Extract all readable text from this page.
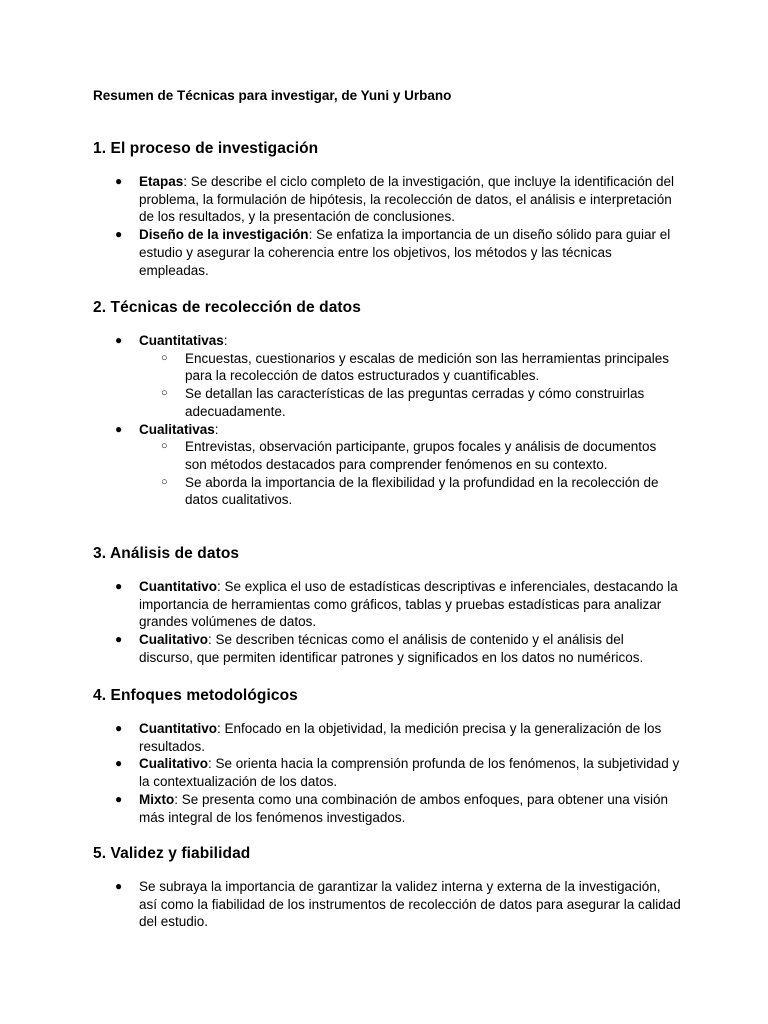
Resumen de Técnicas para investigar, de Yuni y Urbano

1. El proceso de investigación
● Etapas: Se describe el ciclo completo de la investigación, que incluye la identificación del problema, la formulación de hipótesis, la recolección de datos, el análisis e interpretación de los resultados, y la presentación de conclusiones.
● Diseño de la investigación: Se enfatiza la importancia de un diseño sólido para guiar el estudio y asegurar la coherencia entre los objetivos, los métodos y las técnicas empleadas.
2. Técnicas de recolección de datos
● Cuantitativas:
○ Encuestas, cuestionarios y escalas de medición son las herramientas principales para la recolección de datos estructurados y cuantificables.
○ Se detallan las características de las preguntas cerradas y cómo construirlas adecuadamente.
● Cualitativas:
○ Entrevistas, observación participante, grupos focales y análisis de documentos son métodos destacados para comprender fenómenos en su contexto.
○ Se aborda la importancia de la flexibilidad y la profundidad en la recolección de datos cualitativos.
3. Análisis de datos
● Cuantitativo: Se explica el uso de estadísticas descriptivas e inferenciales, destacando la importancia de herramientas como gráficos, tablas y pruebas estadísticas para analizar grandes volúmenes de datos.
● Cualitativo: Se describen técnicas como el análisis de contenido y el análisis del discurso, que permiten identificar patrones y significados en los datos no numéricos.
4. Enfoques metodológicos
● Cuantitativo: Enfocado en la objetividad, la medición precisa y la generalización de los resultados.
● Cualitativo: Se orienta hacia la comprensión profunda de los fenómenos, la subjetividad y la contextualización de los datos.
● Mixto: Se presenta como una combinación de ambos enfoques, para obtener una visión más integral de los fenómenos investigados.
5. Validez y fiabilidad
● Se subraya la importancia de garantizar la validez interna y externa de la investigación, así como la fiabilidad de los instrumentos de recolección de datos para asegurar la calidad del estudio.
